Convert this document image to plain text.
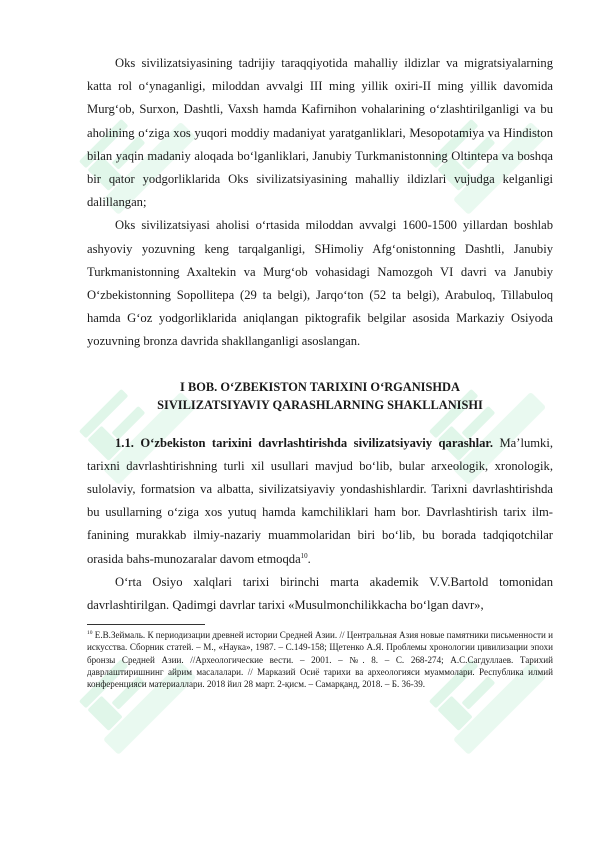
Oks sivilizatsiyasining tadrijiy taraqqiyotida mahalliy ildizlar va migratsiyalarning katta rol o‘ynaganligi, miloddan avvalgi III ming yillik oxiri-II ming yillik davomida Murg‘ob, Surxon, Dashtli, Vaxsh hamda Kafirnihon vohalarining o‘zlashtirilganligi va bu aholining o‘ziga xos yuqori moddiy madaniyat yaratganliklari, Mesopotamiya va Hindiston bilan yaqin madaniy aloqada bo‘lganliklari, Janubiy Turkmanistonning Oltintepa va boshqa bir qator yodgorliklarida Oks sivilizatsiyasining mahalliy ildizlari vujudga kelganligi dalillangan;

Oks sivilizatsiyasi aholisi o‘rtasida miloddan avvalgi 1600-1500 yillardan boshlab ashyoviy yozuvning keng tarqalganligi, SHimoliy Afg‘onistonning Dashtli, Janubiy Turkmanistonning Axaltekin va Murg‘ob vohasidagi Namozgoh VI davri va Janubiy O‘zbekistonning Sopollitepa (29 ta belgi), Jarqo‘ton (52 ta belgi), Arabuloq, Tillabuloq hamda G‘oz yodgorliklarida aniqlangan piktografik belgilar asosida Markaziy Osiyoda yozuvning bronza davrida shakllanganligi asoslangan.

I BOB. O‘ZBEKISTON TARIXINI O‘RGANISHDA
SIVILIZATSIYAVIY QARASHLARNING SHAKLLANISHI

1.1. O‘zbekiston tarixini davrlashtirishda sivilizatsiyaviy qarashlar. Ma’lumki, tarixni davrlashtirishning turli xil usullari mavjud bo‘lib, bular arxeologik, xronologik, sulolaviy, formatsion va albatta, sivilizatsiyaviy yondashishlardir. Tarixni davrlashtirishda bu usullarning o‘ziga xos yutuq hamda kamchiliklari ham bor. Davrlashtirish tarix ilm-fanining murakkab ilmiy-nazariy muammolaridan biri bo‘lib, bu borada tadqiqotchilar orasida bahs-munozaralar davom etmoqda$^{10}$.

O‘rta Osiyo xalqlari tarixi birinchi marta akademik V.V.Bartold tomonidan davrlashtirilgan. Qadimgi davrlar tarixi «Musulmonchilikkacha bo‘lgan davr»,

$^{10}$ Е.В.Зеймаль. К периодизации древней истории Средней Азии. // Центральная Азия новые памятники письменности и искусства. Сборник статей. – М., «Наука», 1987. – С.149-158; Щетенко А.Я. Проблемы хронологии цивилизации эпохи бронзы Средней Азии. //Археологические вести. – 2001. – №. 8. – С. 268-274; А.С.Сагдуллаев. Тарихий даврлаштиришнинг айрим масалалари. // Марказий Осиё тарихи ва археологияси муаммолари. Республика илмий конференцияси материаллари. 2018 йил 28 март. 2-қисм. – Самарқанд, 2018. – Б. 36-39.
